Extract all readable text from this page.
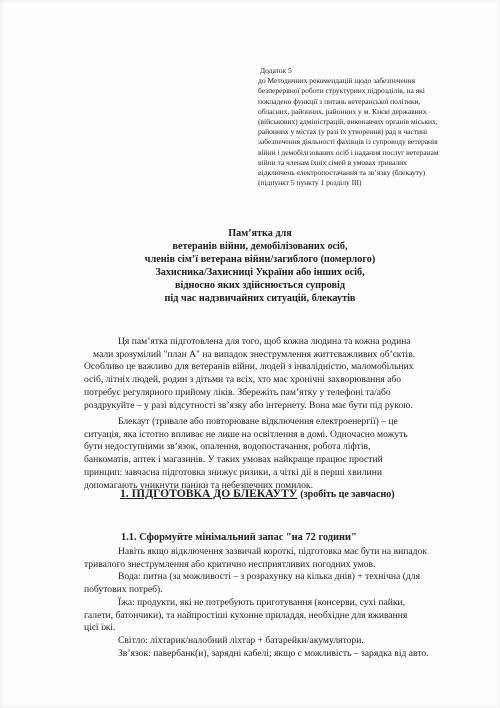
Додаток 5

до Методичних рекомендацій щодо забезпечення

безперервної роботи структурних підрозділів, на які

покладено функції з питань ветеранської політики,

обласних, районних, районних у м. Києві державних

(військових) адміністрацій, виконавчих органів міських,

районних у містах (у разі їх утворення) рад в частині

забезпечення діяльності фахівців із супроводу ветеранів

війни і демобілізованих осіб і надання послуг ветеранам

війни та членам їхніх сімей в умовах тривалих

відключень електропостачання та зв’язку (блекауту)

(підпункт 5 пункту 1 розділу ІІІ)

Пам’ятка для

ветеранів війни, демобілізованих осіб,

членів сім’ї ветерана війни/загиблого (померлого)

Захисника/Захисниці України або інших осіб,

відносно яких здійснюється супровід

під час надзвичайних ситуацій, блекаутів

Ця пам’ятка підготовлена для того, щоб кожна людина та кожна родина

мали зрозумілий "план А" на випадок знеструмлення життєважливих об’єктів.

Особливо це важливо для ветеранів війни, людей з інвалідністю, маломобільних

осіб, літніх людей, родин з дітьми та всіх, хто має хронічні захворювання або

потребує регулярного прийому ліків. Збережіть пам’ятку у телефоні та/або

роздрукуйте – у разі відсутності зв’язку або інтернету. Вона має бути під рукою.

Блекаут (тривале або повторюване відключення електроенергії) – це

ситуація, яка істотно впливає не лише на освітлення в домі. Одночасно можуть

бути недоступними зв’язок, опалення, водопостачання, робота ліфтів,

банкоматів, аптек і магазинів. У таких умовах найкраще працює простий

принцип: завчасна підготовка знижує ризики, а чіткі дії в перші хвилини

допомагають уникнути паніки та небезпечних помилок.

1. ПІДГОТОВКА ДО БЛЕКАУТУ (зробіть це завчасно)
1.1. Сформуйте мінімальний запас "на 72 години"

Навіть якщо відключення зазвичай короткі, підготовка має бути на випадок

тривалого знеструмлення або критично несприятливих погодних умов.

Вода: питна (за можливості – з розрахунку на кілька днів) + технічна (для

побутових потреб).

Їжа: продукти, які не потребують приготування (консерви, сухі пайки,

галети, батончики), та найпростіші кухонне приладдя, необхідне для вживання

цієї їжі.

Світло: ліхтарик/налобний ліхтар + батарейки/акумулятори.

Зв’язок: павербанк(и), зарядні кабелі; якщо є можливість – зарядка від авто.
